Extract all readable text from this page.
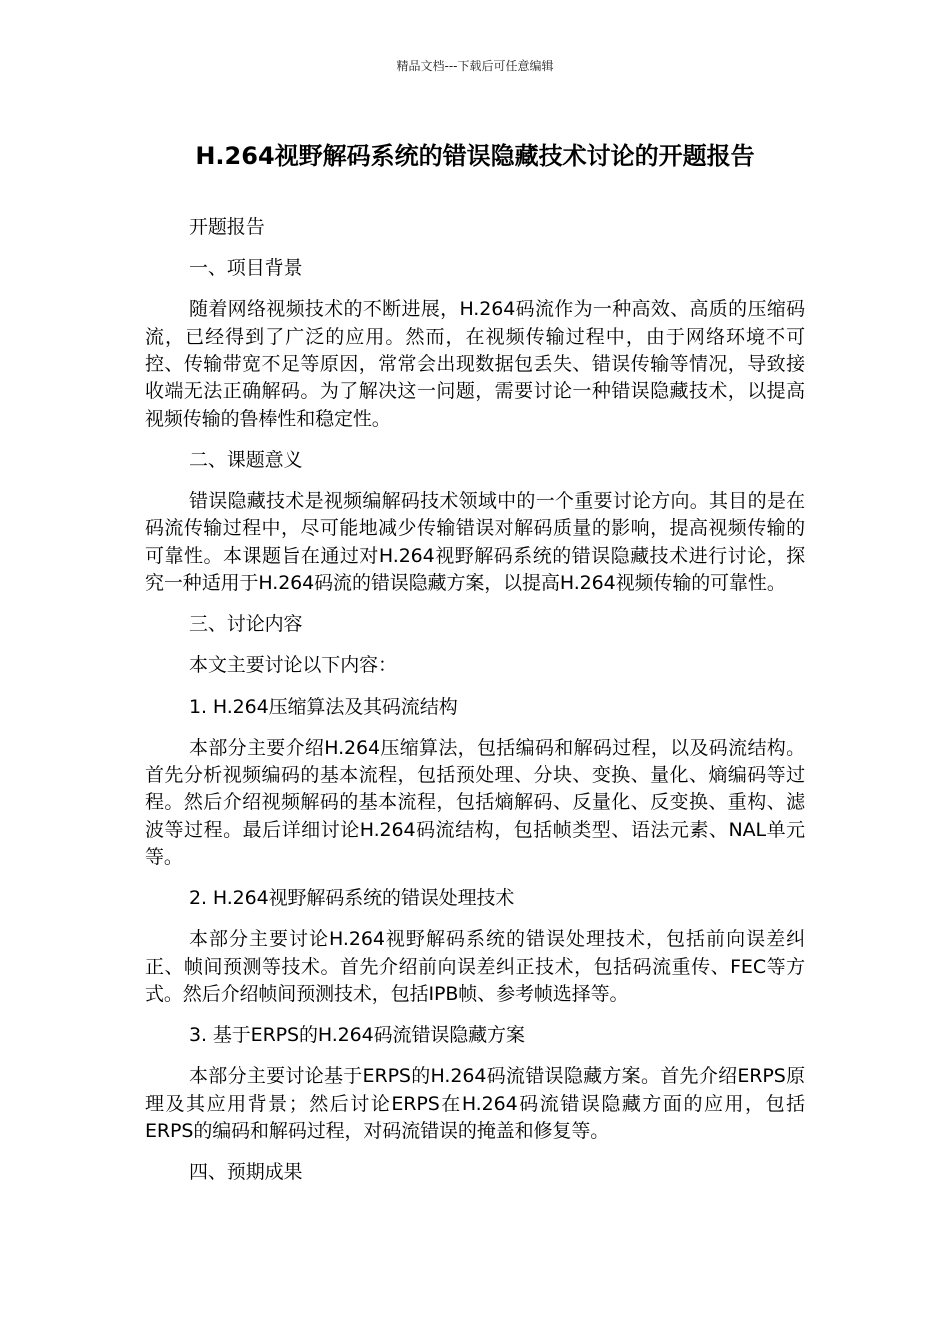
精品文档---下载后可任意编辑
H.264视野解码系统的错误隐藏技术讨论的开题报告

开题报告

一、项目背景

随着网络视频技术的不断进展，H.264码流作为一种高效、高质的压缩码流，已经得到了广泛的应用。然而，在视频传输过程中，由于网络环境不可控、传输带宽不足等原因，常常会出现数据包丢失、错误传输等情况，导致接收端无法正确解码。为了解决这一问题，需要讨论一种错误隐藏技术，以提高视频传输的鲁棒性和稳定性。

二、课题意义

错误隐藏技术是视频编解码技术领域中的一个重要讨论方向。其目的是在码流传输过程中，尽可能地减少传输错误对解码质量的影响，提高视频传输的可靠性。本课题旨在通过对H.264视野解码系统的错误隐藏技术进行讨论，探究一种适用于H.264码流的错误隐藏方案，以提高H.264视频传输的可靠性。

三、讨论内容

本文主要讨论以下内容：

1. H.264压缩算法及其码流结构

本部分主要介绍H.264压缩算法，包括编码和解码过程，以及码流结构。首先分析视频编码的基本流程，包括预处理、分块、变换、量化、熵编码等过程。然后介绍视频解码的基本流程，包括熵解码、反量化、反变换、重构、滤波等过程。最后详细讨论H.264码流结构，包括帧类型、语法元素、NAL单元等。

2. H.264视野解码系统的错误处理技术

本部分主要讨论H.264视野解码系统的错误处理技术，包括前向误差纠正、帧间预测等技术。首先介绍前向误差纠正技术，包括码流重传、FEC等方式。然后介绍帧间预测技术，包括IPB帧、参考帧选择等。

3. 基于ERPS的H.264码流错误隐藏方案

本部分主要讨论基于ERPS的H.264码流错误隐藏方案。首先介绍ERPS原理及其应用背景；然后讨论ERPS在H.264码流错误隐藏方面的应用，包括ERPS的编码和解码过程，对码流错误的掩盖和修复等。

四、预期成果
